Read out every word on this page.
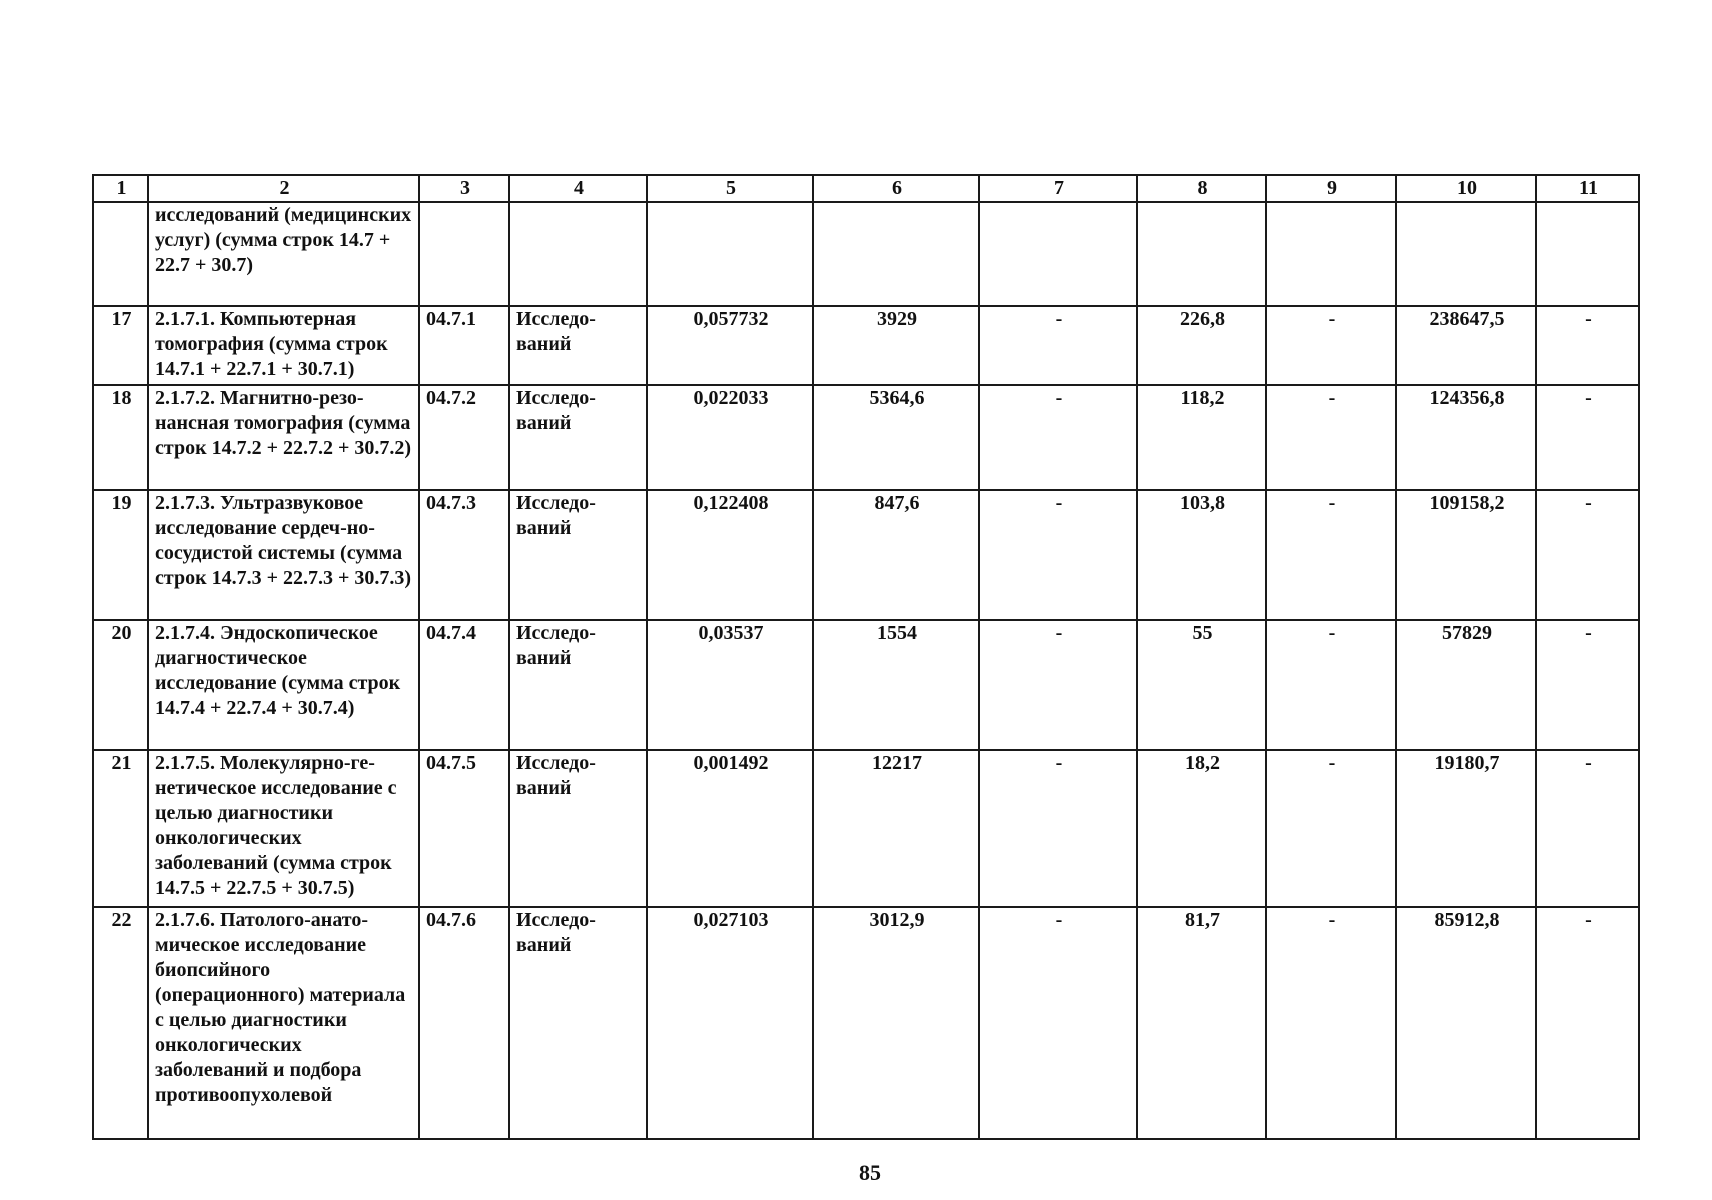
1	2	3	4	5	6	7	8	9	10	11
	исследований (медицинских услуг) (сумма строк 14.7 + 22.7 + 30.7)									
17	2.1.7.1. Компьютерная томография (сумма строк 14.7.1 + 22.7.1 + 30.7.1)	04.7.1	Исследо-ваний	0,057732	3929	-	226,8	-	238647,5	-
18	2.1.7.2. Магнитно-резо-нансная томография (сумма строк 14.7.2 + 22.7.2 + 30.7.2)	04.7.2	Исследо-ваний	0,022033	5364,6	-	118,2	-	124356,8	-
19	2.1.7.3. Ультразвуковое исследование сердеч-но-сосудистой системы (сумма строк 14.7.3 + 22.7.3 + 30.7.3)	04.7.3	Исследо-ваний	0,122408	847,6	-	103,8	-	109158,2	-
20	2.1.7.4. Эндоскопическое диагностическое исследование (сумма строк 14.7.4 + 22.7.4 + 30.7.4)	04.7.4	Исследо-ваний	0,03537	1554	-	55	-	57829	-
21	2.1.7.5. Молекулярно-ге-нетическое исследование с целью диагностики онкологических заболеваний (сумма строк 14.7.5 + 22.7.5 + 30.7.5)	04.7.5	Исследо-ваний	0,001492	12217	-	18,2	-	19180,7	-
22	2.1.7.6. Патолого-анато-мическое исследование биопсийного (операционного) материала с целью диагностики онкологических заболеваний и подбора противоопухолевой	04.7.6	Исследо-ваний	0,027103	3012,9	-	81,7	-	85912,8	-
85
